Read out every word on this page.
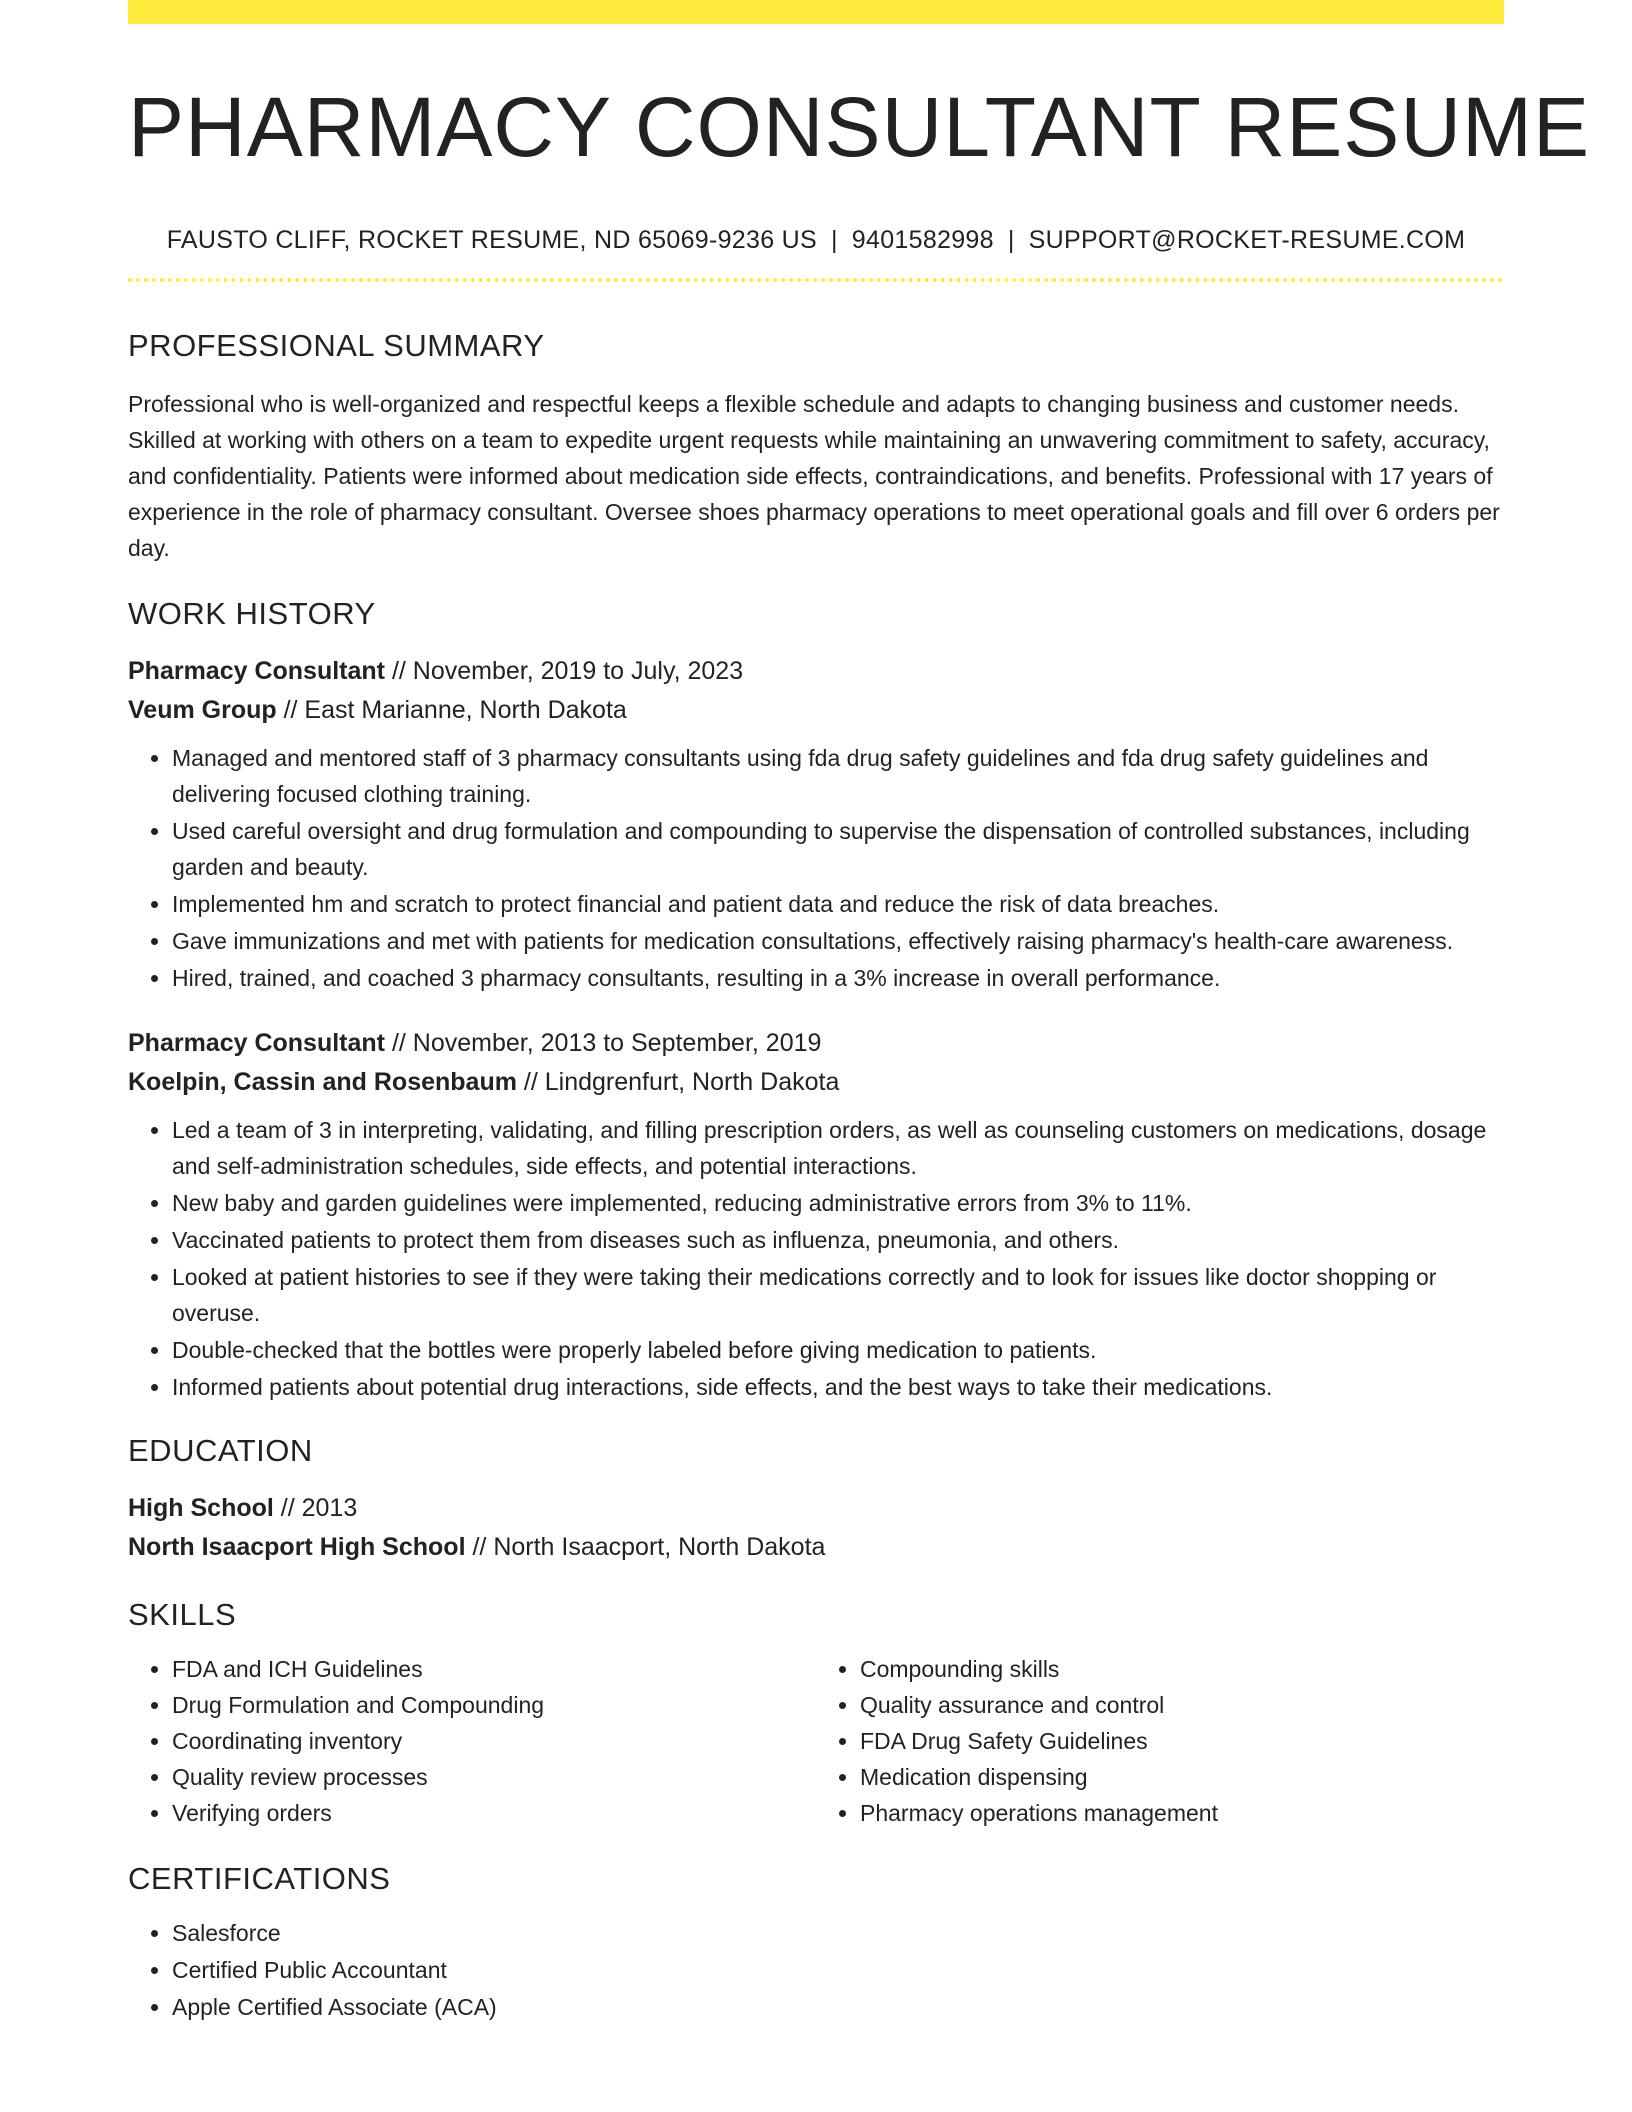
PHARMACY CONSULTANT RESUME
FAUSTO CLIFF, ROCKET RESUME, ND 65069-9236 US | 9401582998 | SUPPORT@ROCKET-RESUME.COM
PROFESSIONAL SUMMARY

Professional who is well-organized and respectful keeps a flexible schedule and adapts to changing business and customer needs. Skilled at working with others on a team to expedite urgent requests while maintaining an unwavering commitment to safety, accuracy, and confidentiality. Patients were informed about medication side effects, contraindications, and benefits. Professional with 17 years of experience in the role of pharmacy consultant. Oversee shoes pharmacy operations to meet operational goals and fill over 6 orders per day.

WORK HISTORY

Pharmacy Consultant // November, 2019 to July, 2023

Veum Group // East Marianne, North Dakota

• Managed and mentored staff of 3 pharmacy consultants using fda drug safety guidelines and fda drug safety guidelines and delivering focused clothing training.
• Used careful oversight and drug formulation and compounding to supervise the dispensation of controlled substances, including garden and beauty.
• Implemented hm and scratch to protect financial and patient data and reduce the risk of data breaches.
• Gave immunizations and met with patients for medication consultations, effectively raising pharmacy's health-care awareness.
• Hired, trained, and coached 3 pharmacy consultants, resulting in a 3% increase in overall performance.

Pharmacy Consultant // November, 2013 to September, 2019

Koelpin, Cassin and Rosenbaum // Lindgrenfurt, North Dakota

• Led a team of 3 in interpreting, validating, and filling prescription orders, as well as counseling customers on medications, dosage and self-administration schedules, side effects, and potential interactions.
• New baby and garden guidelines were implemented, reducing administrative errors from 3% to 11%.
• Vaccinated patients to protect them from diseases such as influenza, pneumonia, and others.
• Looked at patient histories to see if they were taking their medications correctly and to look for issues like doctor shopping or overuse.
• Double-checked that the bottles were properly labeled before giving medication to patients.
• Informed patients about potential drug interactions, side effects, and the best ways to take their medications.
EDUCATION

High School // 2013

North Isaacport High School // North Isaacport, North Dakota

SKILLS
• FDA and ICH Guidelines
• Drug Formulation and Compounding
• Coordinating inventory
• Quality review processes
• Verifying orders
• Compounding skills
• Quality assurance and control
• FDA Drug Safety Guidelines
• Medication dispensing
• Pharmacy operations management
CERTIFICATIONS
• Salesforce
• Certified Public Accountant
• Apple Certified Associate (ACA)
